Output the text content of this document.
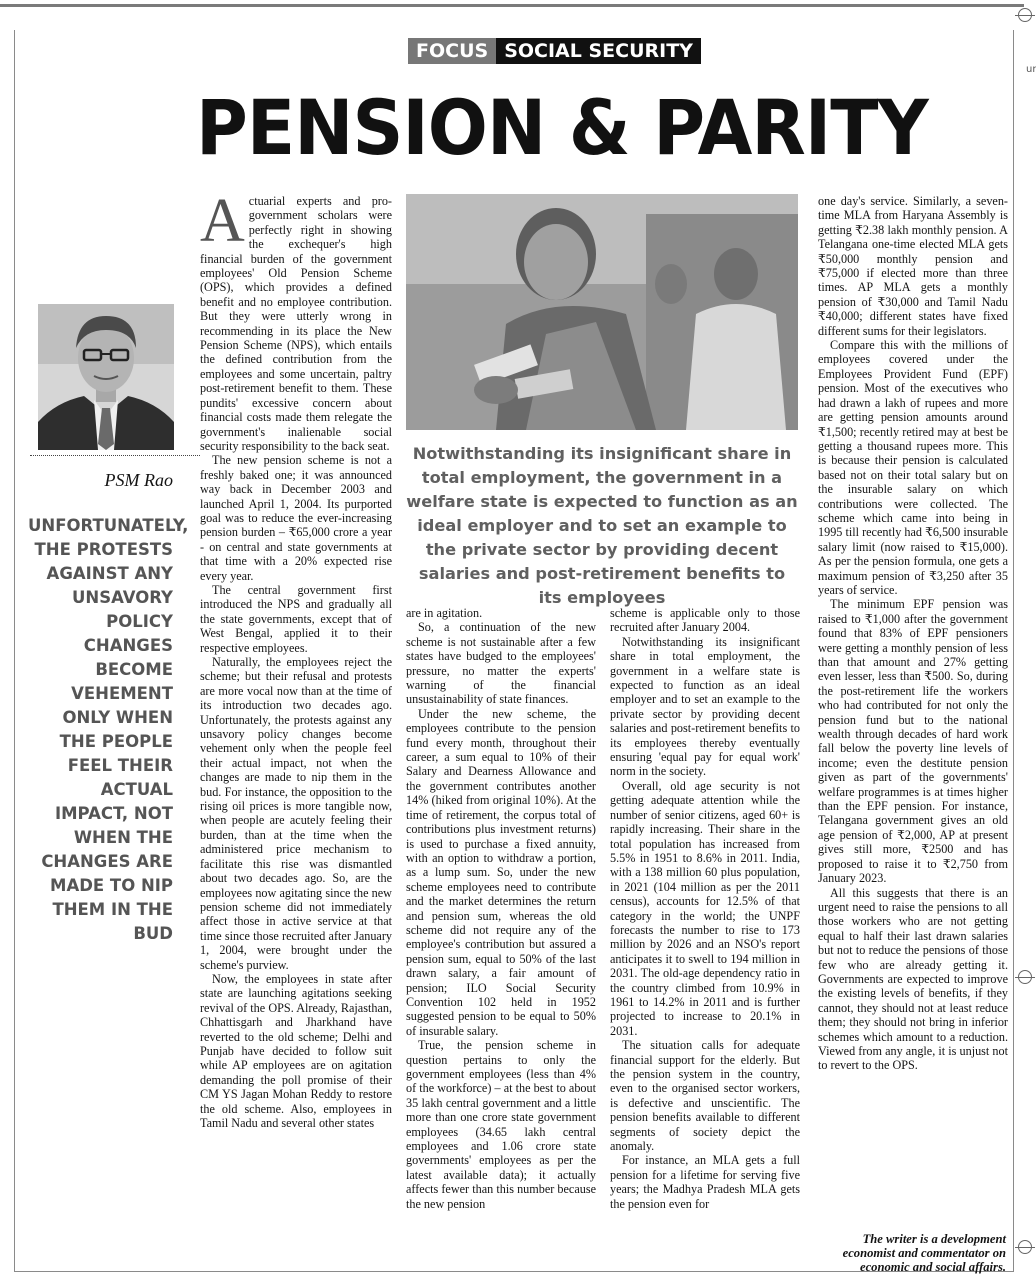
ur
FOCUS SOCIAL SECURITY
PENSION & PARITY
PSM Rao
UNFORTUNATELY, THE PROTESTS AGAINST ANY UNSAVORY POLICY CHANGES BECOME VEHEMENT ONLY WHEN THE PEOPLE FEEL THEIR ACTUAL IMPACT, NOT WHEN THE CHANGES ARE MADE TO NIP THEM IN THE BUD
Notwithstanding its insignificant share in total employment, the government in a welfare state is expected to function as an ideal employer and to set an example to the private sector by providing decent salaries and post-retirement benefits to its employees

Actuarial experts and pro-government scholars were perfectly right in showing the exchequer's high financial burden of the government employees' Old Pension Scheme (OPS), which provides a defined benefit and no employee contribution. But they were utterly wrong in recommending in its place the New Pension Scheme (NPS), which entails the defined contribution from the employees and some uncertain, paltry post-retirement benefit to them. These pundits' excessive concern about financial costs made them relegate the government's inalienable social security responsibility to the back seat.

The new pension scheme is not a freshly baked one; it was announced way back in December 2003 and launched April 1, 2004. Its purported goal was to reduce the ever-increasing pension burden – ₹65,000 crore a year - on central and state governments at that time with a 20% expected rise every year.

The central government first introduced the NPS and gradually all the state governments, except that of West Bengal, applied it to their respective employees.

Naturally, the employees reject the scheme; but their refusal and protests are more vocal now than at the time of its introduction two decades ago. Unfortunately, the protests against any unsavory policy changes become vehement only when the people feel their actual impact, not when the changes are made to nip them in the bud. For instance, the opposition to the rising oil prices is more tangible now, when people are acutely feeling their burden, than at the time when the administered price mechanism to facilitate this rise was dismantled about two decades ago. So, are the employees now agitating since the new pension scheme did not immediately affect those in active service at that time since those recruited after January 1, 2004, were brought under the scheme's purview.

Now, the employees in state after state are launching agitations seeking revival of the OPS. Already, Rajasthan, Chhattisgarh and Jharkhand have reverted to the old scheme; Delhi and Punjab have decided to follow suit while AP employees are on agitation demanding the poll promise of their CM YS Jagan Mohan Reddy to restore the old scheme. Also, employees in Tamil Nadu and several other states

are in agitation.

So, a continuation of the new scheme is not sustainable after a few states have budged to the employees' pressure, no matter the experts' warning of the financial unsustainability of state finances.

Under the new scheme, the employees contribute to the pension fund every month, throughout their career, a sum equal to 10% of their Salary and Dearness Allowance and the government contributes another 14% (hiked from original 10%). At the time of retirement, the corpus total of contributions plus investment returns) is used to purchase a fixed annuity, with an option to withdraw a portion, as a lump sum. So, under the new scheme employees need to contribute and the market determines the return and pension sum, whereas the old scheme did not require any of the employee's contribution but assured a pension sum, equal to 50% of the last drawn salary, a fair amount of pension; ILO Social Security Convention 102 held in 1952 suggested pension to be equal to 50% of insurable salary.

True, the pension scheme in question pertains to only the government employees (less than 4% of the workforce) – at the best to about 35 lakh central government and a little more than one crore state government employees (34.65 lakh central employees and 1.06 crore state governments' employees as per the latest available data); it actually affects fewer than this number because the new pension

scheme is applicable only to those recruited after January 2004.

Notwithstanding its insignificant share in total employment, the government in a welfare state is expected to function as an ideal employer and to set an example to the private sector by providing decent salaries and post-retirement benefits to its employees thereby eventually ensuring 'equal pay for equal work' norm in the society.

Overall, old age security is not getting adequate attention while the number of senior citizens, aged 60+ is rapidly increasing. Their share in the total population has increased from 5.5% in 1951 to 8.6% in 2011. India, with a 138 million 60 plus population, in 2021 (104 million as per the 2011 census), accounts for 12.5% of that category in the world; the UNPF forecasts the number to rise to 173 million by 2026 and an NSO's report anticipates it to swell to 194 million in 2031. The old-age dependency ratio in the country climbed from 10.9% in 1961 to 14.2% in 2011 and is further projected to increase to 20.1% in 2031.

The situation calls for adequate financial support for the elderly. But the pension system in the country, even to the organised sector workers, is defective and unscientific. The pension benefits available to different segments of society depict the anomaly.

For instance, an MLA gets a full pension for a lifetime for serving five years; the Madhya Pradesh MLA gets the pension even for

one day's service. Similarly, a seven-time MLA from Haryana Assembly is getting ₹2.38 lakh monthly pension. A Telangana one-time elected MLA gets ₹50,000 monthly pension and ₹75,000 if elected more than three times. AP MLA gets a monthly pension of ₹30,000 and Tamil Nadu ₹40,000; different states have fixed different sums for their legislators.

Compare this with the millions of employees covered under the Employees Provident Fund (EPF) pension. Most of the executives who had drawn a lakh of rupees and more are getting pension amounts around ₹1,500; recently retired may at best be getting a thousand rupees more. This is because their pension is calculated based not on their total salary but on the insurable salary on which contributions were collected. The scheme which came into being in 1995 till recently had ₹6,500 insurable salary limit (now raised to ₹15,000). As per the pension formula, one gets a maximum pension of ₹3,250 after 35 years of service.

The minimum EPF pension was raised to ₹1,000 after the government found that 83% of EPF pensioners were getting a monthly pension of less than that amount and 27% getting even lesser, less than ₹500. So, during the post-retirement life the workers who had contributed for not only the pension fund but to the national wealth through decades of hard work fall below the poverty line levels of income; even the destitute pension given as part of the governments' welfare programmes is at times higher than the EPF pension. For instance, Telangana government gives an old age pension of ₹2,000, AP at present gives still more, ₹2500 and has proposed to raise it to ₹2,750 from January 2023.

All this suggests that there is an urgent need to raise the pensions to all those workers who are not getting equal to half their last drawn salaries but not to reduce the pensions of those few who are already getting it. Governments are expected to improve the existing levels of benefits, if they cannot, they should not at least reduce them; they should not bring in inferior schemes which amount to a reduction. Viewed from any angle, it is unjust not to revert to the OPS.

The writer is a development economist and commentator on economic and social affairs.
